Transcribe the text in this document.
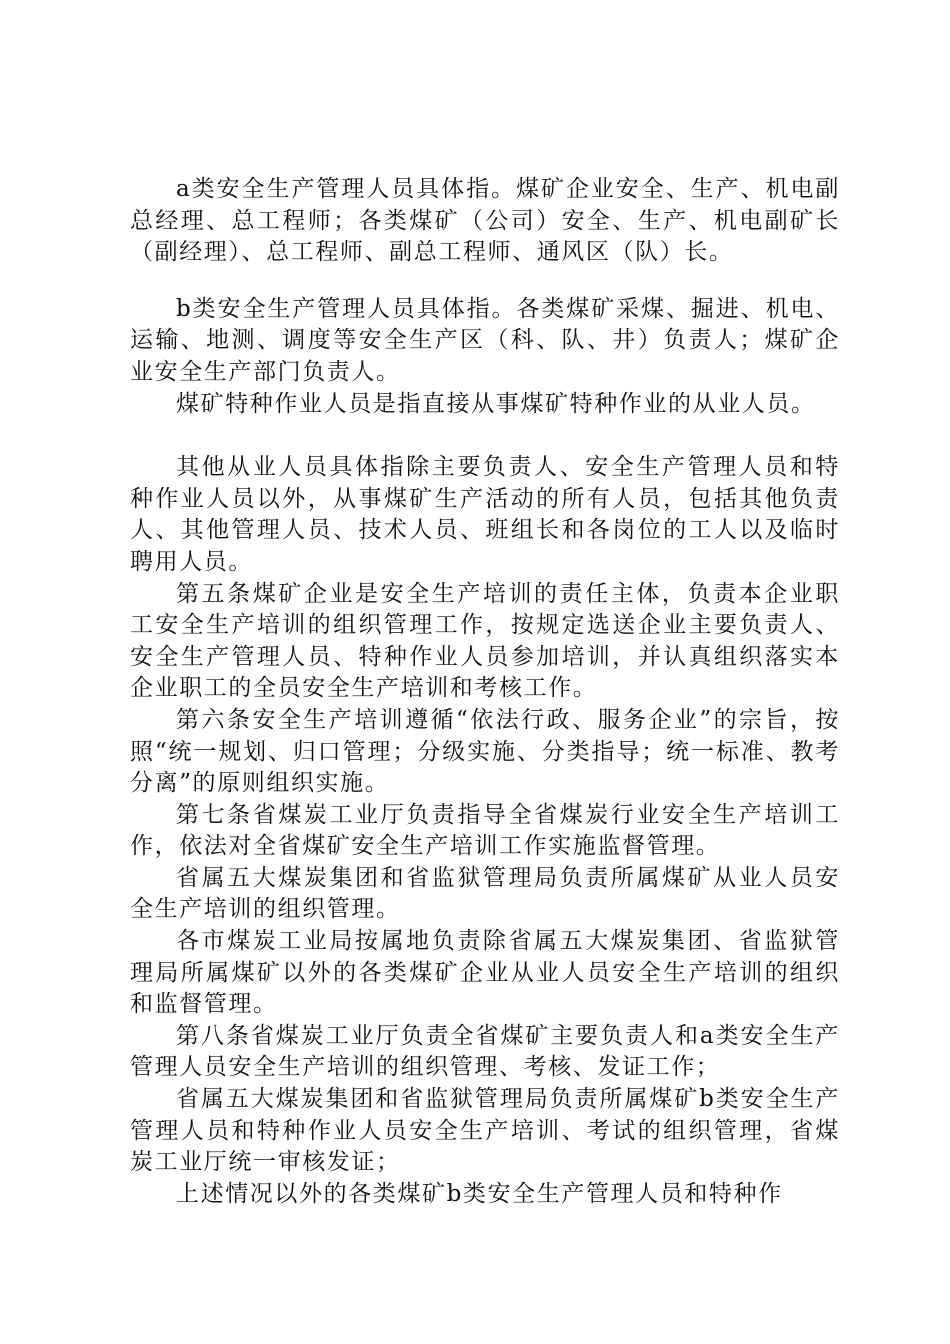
a类安全生产管理人员具体指。煤矿企业安全、生产、机电副总经理、总工程师；各类煤矿（公司）安全、生产、机电副矿长（副经理）、总工程师、副总工程师、通风区（队）长。

b类安全生产管理人员具体指。各类煤矿采煤、掘进、机电、运输、地测、调度等安全生产区（科、队、井）负责人；煤矿企业安全生产部门负责人。

煤矿特种作业人员是指直接从事煤矿特种作业的从业人员。

其他从业人员具体指除主要负责人、安全生产管理人员和特种作业人员以外，从事煤矿生产活动的所有人员，包括其他负责人、其他管理人员、技术人员、班组长和各岗位的工人以及临时聘用人员。

第五条煤矿企业是安全生产培训的责任主体，负责本企业职工安全生产培训的组织管理工作，按规定选送企业主要负责人、安全生产管理人员、特种作业人员参加培训，并认真组织落实本企业职工的全员安全生产培训和考核工作。

第六条安全生产培训遵循“依法行政、服务企业”的宗旨，按照“统一规划、归口管理；分级实施、分类指导；统一标准、教考分离”的原则组织实施。

第七条省煤炭工业厅负责指导全省煤炭行业安全生产培训工作，依法对全省煤矿安全生产培训工作实施监督管理。

省属五大煤炭集团和省监狱管理局负责所属煤矿从业人员安全生产培训的组织管理。

各市煤炭工业局按属地负责除省属五大煤炭集团、省监狱管理局所属煤矿以外的各类煤矿企业从业人员安全生产培训的组织和监督管理。

第八条省煤炭工业厅负责全省煤矿主要负责人和a类安全生产管理人员安全生产培训的组织管理、考核、发证工作；

省属五大煤炭集团和省监狱管理局负责所属煤矿b类安全生产管理人员和特种作业人员安全生产培训、考试的组织管理，省煤炭工业厅统一审核发证；

上述情况以外的各类煤矿b类安全生产管理人员和特种作
